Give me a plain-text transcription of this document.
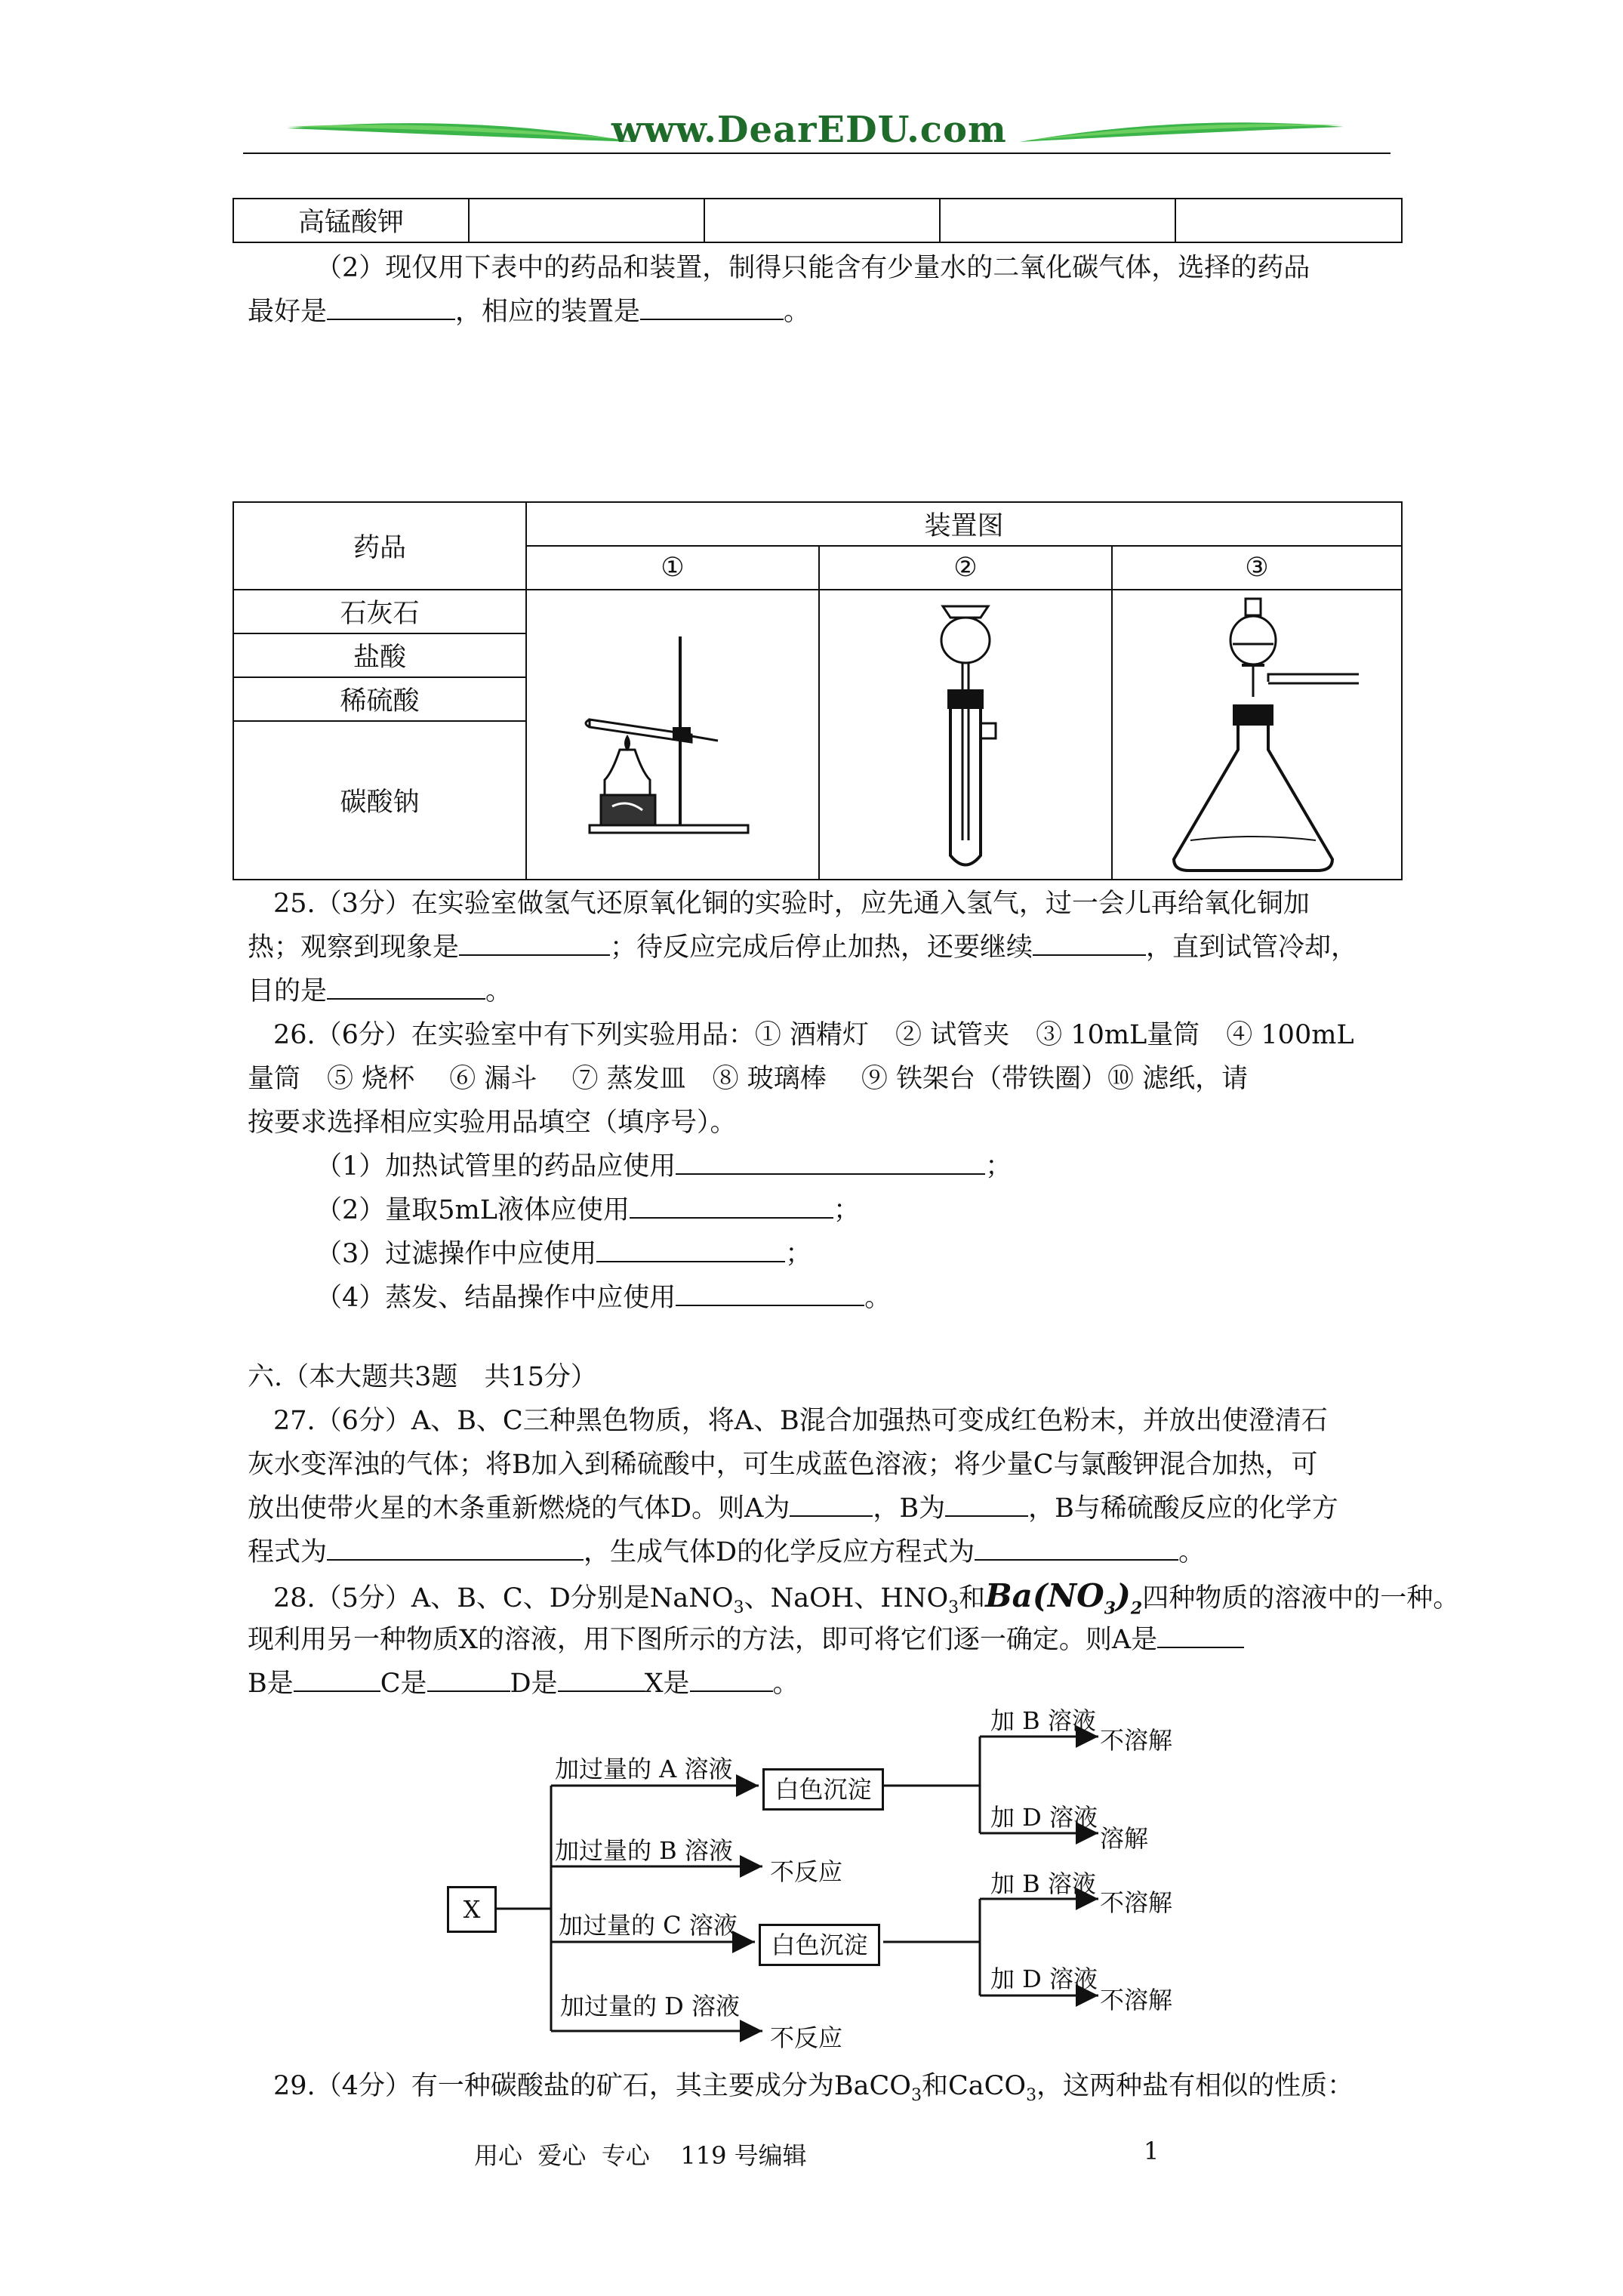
www.DearEDU.com
高锰酸钾				
（2）现仅用下表中的药品和装置，制得只能含有少量水的二氧化碳气体，选择的药品
最好是	，相应的装置是	。
药品	装置图		
	①	②	③
石灰石	

盐酸			
稀硫酸			
碳酸钠			
25.（3分）在实验室做氢气还原氧化铜的实验时，应先通入氢气，过一会儿再给氧化铜加
热；观察到现象是	；待反应完成后停止加热，还要继续	，直到试管冷却，
目的是	。
26.（6分）在实验室中有下列实验用品：① 酒精灯　② 试管夹　③ 10mL量筒　④ 100mL
量筒　⑤ 烧杯　 ⑥ 漏斗　 ⑦ 蒸发皿　⑧ 玻璃棒　 ⑨ 铁架台（带铁圈）⑩ 滤纸，请
按要求选择相应实验用品填空（填序号）。
（1）加热试管里的药品应使用	；
（2）量取5mL液体应使用	；
（3）过滤操作中应使用	；
（4）蒸发、结晶操作中应使用	。
六.（本大题共3题　共15分）
27.（6分）A、B、C三种黑色物质，将A、B混合加强热可变成红色粉末，并放出使澄清石
灰水变浑浊的气体；将B加入到稀硫酸中，可生成蓝色溶液；将少量C与氯酸钾混合加热，可
放出使带火星的木条重新燃烧的气体D。则A为	，B为	，B与稀硫酸反应的化学方
程式为	，生成气体D的化学反应方程式为	。
28.（5分）A、B、C、D分别是NaNO$_3$、NaOH、$HNO_3$和$Ba(NO_3)_2$四种物质的溶液中的一种。
现利用另一种物质X的溶液，用下图所示的方法，即可将它们逐一确定。则A是
B是	C是	D是	X是	。
X
加过量的 A 溶液
白色沉淀
加 B 溶液
不溶解
加 D 溶液
溶解
加过量的 B 溶液
不反应
加过量的 C 溶液
白色沉淀
加 B 溶液
不溶解
加 D 溶液
不溶解
加过量的 D 溶液
不反应
29.（4分）有一种碳酸盐的矿石，其主要成分为BaCO$_3$和CaCO$_3$，这两种盐有相似的性质：
用心  爱心  专心    119 号编辑	1
